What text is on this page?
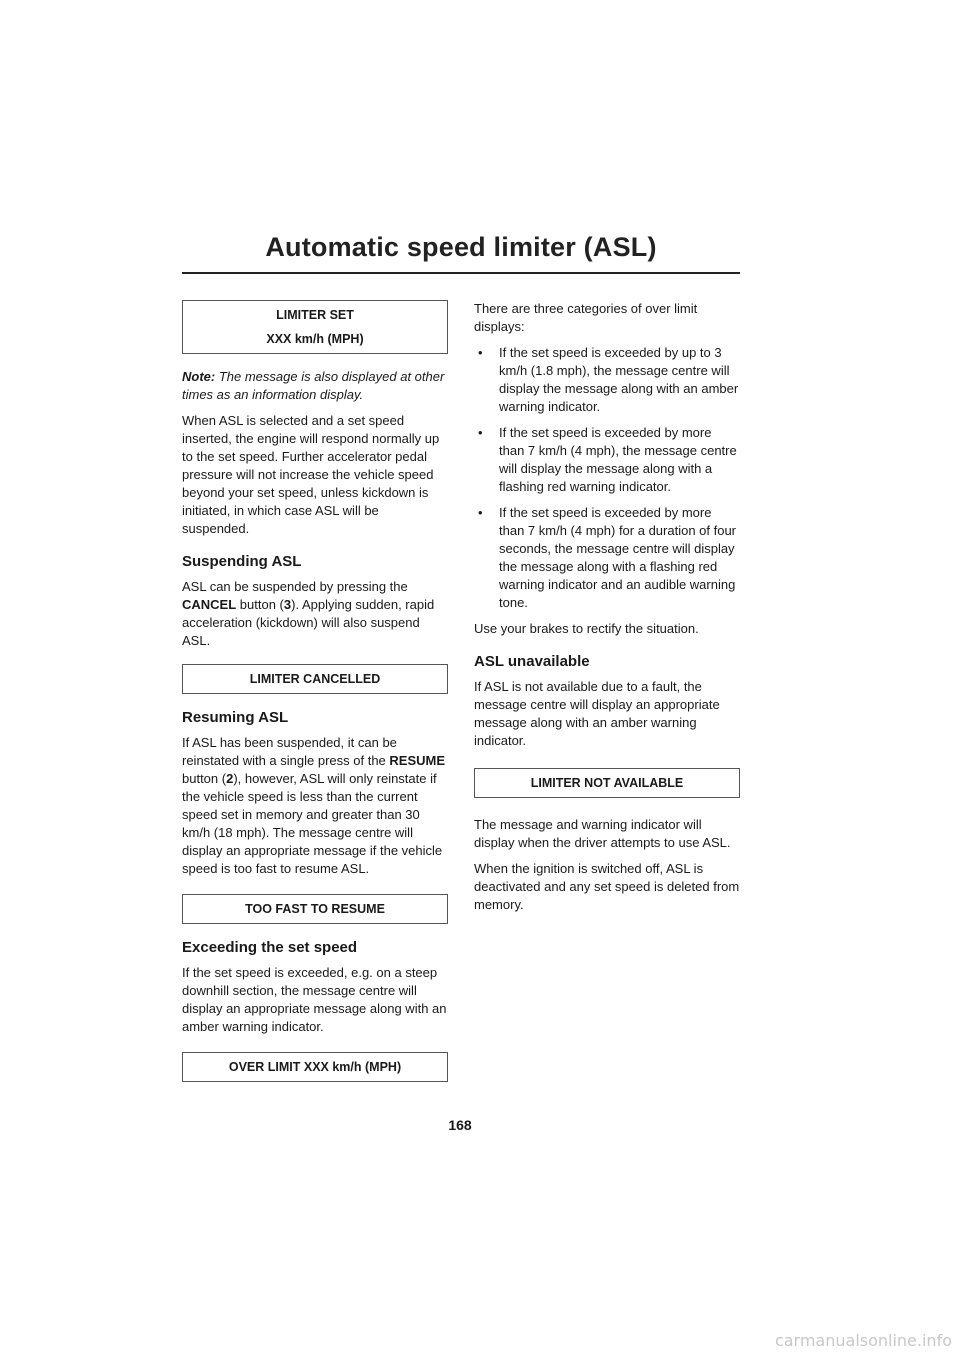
Automatic speed limiter (ASL)
LIMITER SET
XXX km/h (MPH)

Note: The message is also displayed at other times as an information display.

When ASL is selected and a set speed inserted, the engine will respond normally up to the set speed. Further accelerator pedal pressure will not increase the vehicle speed beyond your set speed, unless kickdown is initiated, in which case ASL will be suspended.

Suspending ASL

ASL can be suspended by pressing the CANCEL button (3). Applying sudden, rapid acceleration (kickdown) will also suspend ASL.

LIMITER CANCELLED
Resuming ASL

If ASL has been suspended, it can be reinstated with a single press of the RESUME button (2), however, ASL will only reinstate if the vehicle speed is less than the current speed set in memory and greater than 30 km/h (18 mph). The message centre will display an appropriate message if the vehicle speed is too fast to resume ASL.

TOO FAST TO RESUME
Exceeding the set speed

If the set speed is exceeded, e.g. on a steep downhill section, the message centre will display an appropriate message along with an amber warning indicator.

OVER LIMIT XXX km/h (MPH)

There are three categories of over limit displays:

• If the set speed is exceeded by up to 3 km/h (1.8 mph), the message centre will display the message along with an amber warning indicator.
• If the set speed is exceeded by more than 7 km/h (4 mph), the message centre will display the message along with a flashing red warning indicator.
• If the set speed is exceeded by more than 7 km/h (4 mph) for a duration of four seconds, the message centre will display the message along with a flashing red warning indicator and an audible warning tone.

Use your brakes to rectify the situation.

ASL unavailable

If ASL is not available due to a fault, the message centre will display an appropriate message along with an amber warning indicator.

LIMITER NOT AVAILABLE

The message and warning indicator will display when the driver attempts to use ASL.

When the ignition is switched off, ASL is deactivated and any set speed is deleted from memory.

168
carmanualsonline.info
